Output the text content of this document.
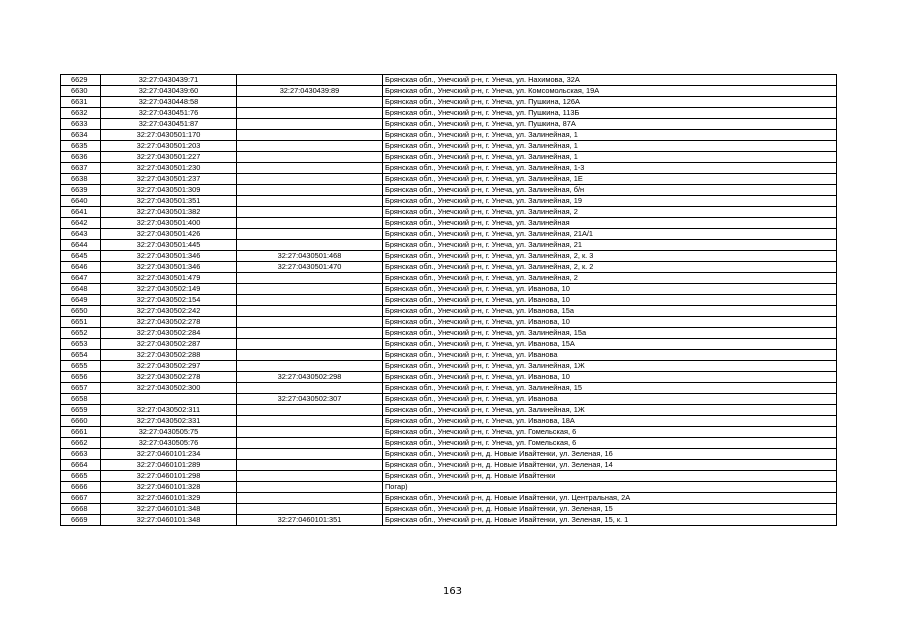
6629	32:27:0430439:71		Брянская обл., Унечский р-н, г. Унеча, ул. Нахимова, 32А
6630	32:27:0430439:60	32:27:0430439:89	Брянская обл., Унечский р-н, г. Унеча, ул. Комсомольская, 19А
6631	32:27:0430448:58		Брянская обл., Унечский р-н, г. Унеча, ул. Пушкина, 126А
6632	32:27:0430451:76		Брянская обл., Унечский р-н, г. Унеча, ул. Пушкина, 113Б
6633	32:27:0430451:87		Брянская обл., Унечский р-н, г. Унеча, ул. Пушкина, 87А
6634	32:27:0430501:170		Брянская обл., Унечский р-н, г. Унеча, ул. Залинейная, 1
6635	32:27:0430501:203		Брянская обл., Унечский р-н, г. Унеча, ул. Залинейная, 1
6636	32:27:0430501:227		Брянская обл., Унечский р-н, г. Унеча, ул. Залинейная, 1
6637	32:27:0430501:230		Брянская обл., Унечский р-н, г. Унеча, ул. Залинейная, 1-3
6638	32:27:0430501:237		Брянская обл., Унечский р-н, г. Унеча, ул. Залинейная, 1Е
6639	32:27:0430501:309		Брянская обл., Унечский р-н, г. Унеча, ул. Залинейная, б/н
6640	32:27:0430501:351		Брянская обл., Унечский р-н, г. Унеча, ул. Залинейная, 19
6641	32:27:0430501:382		Брянская обл., Унечский р-н, г. Унеча, ул. Залинейная, 2
6642	32:27:0430501:400		Брянская обл., Унечский р-н, г. Унеча, ул. Залинейная
6643	32:27:0430501:426		Брянская обл., Унечский р-н, г. Унеча, ул. Залинейная, 21А/1
6644	32:27:0430501:445		Брянская обл., Унечский р-н, г. Унеча, ул. Залинейная, 21
6645	32:27:0430501:346	32:27:0430501:468	Брянская обл., Унечский р-н, г. Унеча, ул. Залинейная, 2, к. 3
6646	32:27:0430501:346	32:27:0430501:470	Брянская обл., Унечский р-н, г. Унеча, ул. Залинейная, 2, к. 2
6647	32:27:0430501:479		Брянская обл., Унечский р-н, г. Унеча, ул. Залинейная, 2
6648	32:27:0430502:149		Брянская обл., Унечский р-н, г. Унеча, ул. Иванова, 10
6649	32:27:0430502:154		Брянская обл., Унечский р-н, г. Унеча, ул. Иванова, 10
6650	32:27:0430502:242		Брянская обл., Унечский р-н, г. Унеча, ул. Иванова, 15а
6651	32:27:0430502:278		Брянская обл., Унечский р-н, г. Унеча, ул. Иванова, 10
6652	32:27:0430502:284		Брянская обл., Унечский р-н, г. Унеча, ул. Залинейная, 15а
6653	32:27:0430502:287		Брянская обл., Унечский р-н, г. Унеча, ул. Иванова, 15А
6654	32:27:0430502:288		Брянская обл., Унечский р-н, г. Унеча, ул. Иванова
6655	32:27:0430502:297		Брянская обл., Унечский р-н, г. Унеча, ул. Залинейная, 1Ж
6656	32:27:0430502:278	32:27:0430502:298	Брянская обл., Унечский р-н, г. Унеча, ул. Иванова, 10
6657	32:27:0430502:300		Брянская обл., Унечский р-н, г. Унеча, ул. Залинейная, 15
6658		32:27:0430502:307	Брянская обл., Унечский р-н, г. Унеча, ул. Иванова
6659	32:27:0430502:311		Брянская обл., Унечский р-н, г. Унеча, ул. Залинейная, 1Ж
6660	32:27:0430502:331		Брянская обл., Унечский р-н, г. Унеча, ул. Иванова, 18А
6661	32:27:0430505:75		Брянская обл., Унечский р-н, г. Унеча, ул. Гомельская, 6
6662	32:27:0430505:76		Брянская обл., Унечский р-н, г. Унеча, ул. Гомельская, 6
6663	32:27:0460101:234		Брянская обл., Унечский р-н, д. Новые Ивайтенки, ул. Зеленая, 16
6664	32:27:0460101:289		Брянская обл., Унечский р-н, д. Новые Ивайтенки, ул. Зеленая, 14
6665	32:27:0460101:298		Брянская обл., Унечский р-н, д. Новые Ивайтенки
6666	32:27:0460101:328		Погар)
6667	32:27:0460101:329		Брянская обл., Унечский р-н, д. Новые Ивайтенки, ул. Центральная, 2А
6668	32:27:0460101:348		Брянская обл., Унечский р-н, д. Новые Ивайтенки, ул. Зеленая, 15
6669	32:27:0460101:348	32:27:0460101:351	Брянская обл., Унечский р-н, д. Новые Ивайтенки, ул. Зеленая, 15, к. 1
163
